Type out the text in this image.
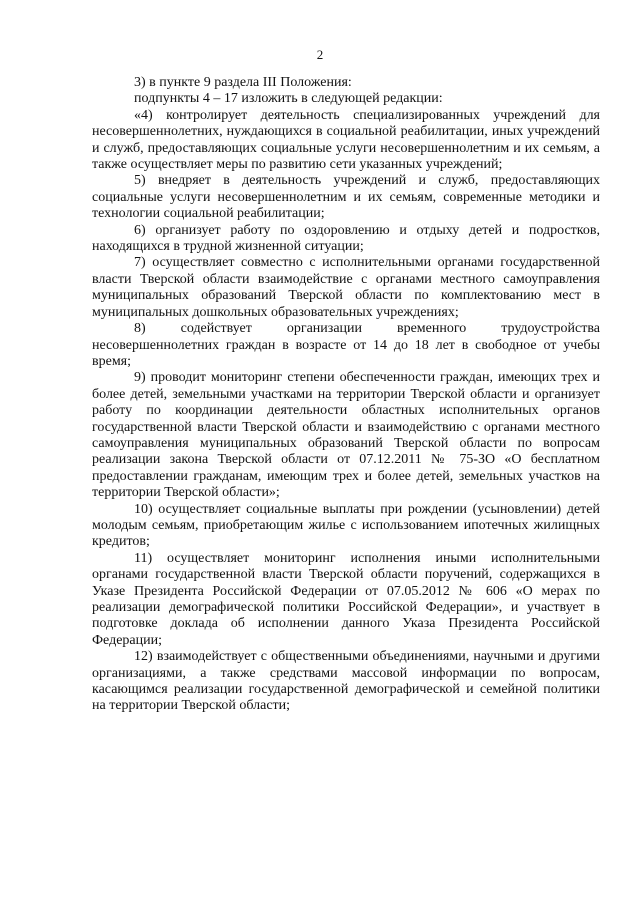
2

3) в пункте 9 раздела III Положения:

подпункты 4 – 17 изложить в следующей редакции:

«4) контролирует деятельность специализированных учреждений для несовершеннолетних, нуждающихся в социальной реабилитации, иных учреждений и служб, предоставляющих социальные услуги несовершеннолетним и их семьям, а также осуществляет меры по развитию сети указанных учреждений;

5) внедряет в деятельность учреждений и служб, предоставляющих социальные услуги несовершеннолетним и их семьям, современные методики и технологии социальной реабилитации;

6) организует работу по оздоровлению и отдыху детей и подростков, находящихся в трудной жизненной ситуации;

7) осуществляет совместно с исполнительными органами государственной власти Тверской области взаимодействие с органами местного самоуправления муниципальных образований Тверской области по комплектованию мест в муниципальных дошкольных образовательных учреждениях;

8) содействует организации временного трудоустройства несовершеннолетних граждан в возрасте от 14 до 18 лет в свободное от учебы время;

9) проводит мониторинг степени обеспеченности граждан, имеющих трех и более детей, земельными участками на территории Тверской области и организует работу по координации деятельности областных исполнительных органов государственной власти Тверской области и взаимодействию с органами местного самоуправления муниципальных образований Тверской области по вопросам реализации закона Тверской области от 07.12.2011 № 75-ЗО «О бесплатном предоставлении гражданам, имеющим трех и более детей, земельных участков на территории Тверской области»;

10) осуществляет социальные выплаты при рождении (усыновлении) детей молодым семьям, приобретающим жилье с использованием ипотечных жилищных кредитов;

11) осуществляет мониторинг исполнения иными исполнительными органами государственной власти Тверской области поручений, содержащихся в Указе Президента Российской Федерации от 07.05.2012 № 606 «О мерах по реализации демографической политики Российской Федерации», и участвует в подготовке доклада об исполнении данного Указа Президента Российской Федерации;

12) взаимодействует с общественными объединениями, научными и другими организациями, а также средствами массовой информации по вопросам, касающимся реализации государственной демографической и семейной политики на территории Тверской области;
